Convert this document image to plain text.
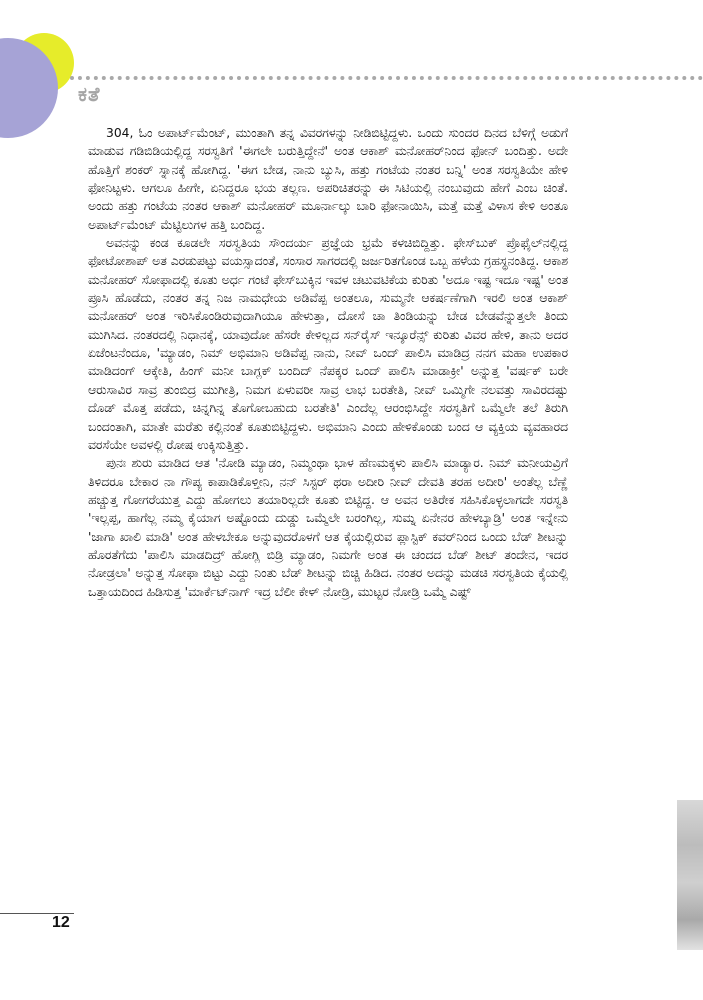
ಕತೆ

304, ಓಂ ಅಪಾರ್ಟ್‌ಮೆಂಟ್, ಮುಂತಾಗಿ ತನ್ನ ವಿವರಗಳನ್ನು ನೀಡಿಬಿಟ್ಟಿದ್ದಳು. ಒಂದು ಸುಂದರ ದಿನದ ಬೆಳಿಗ್ಗೆ ಅಡುಗೆ ಮಾಡುವ ಗಡಿಬಿಡಿಯಲ್ಲಿದ್ದ ಸರಸ್ವತಿಗೆ 'ಈಗಲೇ ಬರುತ್ತಿದ್ದೇನೆ' ಅಂತ ಆಕಾಶ್ ಮನೋಹರ್‌ನಿಂದ ಫೋನ್ ಬಂದಿತ್ತು. ಅದೇ ಹೊತ್ತಿಗೆ ಶಂಕರ್ ಸ್ನಾನಕ್ಕೆ ಹೋಗಿದ್ದ. 'ಈಗ ಬೇಡ, ನಾನು ಬ್ಯುಸಿ, ಹತ್ತು ಗಂಟೆಯ ನಂತರ ಬನ್ನಿ' ಅಂತ ಸರಸ್ವತಿಯೇ ಹೇಳಿ ಫೋನಿಟ್ಟಳು. ಆಗಲೂ ಹೀಗೇ, ಏನಿದ್ದರೂ ಭಯ ತಲ್ಲಣ. ಅಪರಿಚಿತರನ್ನು ಈ ಸಿಟಿಯಲ್ಲಿ ನಂಬುವುದು ಹೇಗೆ ಎಂಬ ಚಿಂತೆ. ಅಂದು ಹತ್ತು ಗಂಟೆಯ ನಂತರ ಆಕಾಶ್ ಮನೋಹರ್ ಮೂರ್ನಾಲ್ಕು ಬಾರಿ ಫೋನಾಯಿಸಿ, ಮತ್ತೆ ಮತ್ತೆ ವಿಳಾಸ ಕೇಳಿ ಅಂತೂ ಅಪಾರ್ಟ್‌ಮೆಂಟ್ ಮೆಟ್ಟಿಲುಗಳ ಹತ್ತಿ ಬಂದಿದ್ದ.

ಅವನನ್ನು ಕಂಡ ಕೂಡಲೇ ಸರಸ್ವತಿಯ ಸೌಂದರ್ಯ ಪ್ರಜ್ಞೆಯ ಭ್ರಮೆ ಕಳಚಿಬಿದ್ದಿತ್ತು. ಫೇಸ್‌ಬುಕ್ ಪ್ರೊಫೈಲ್‌ನಲ್ಲಿದ್ದ ಫೋಟೋಶಾಪ್ ಅತ ಎರಡುಪಟ್ಟು ವಯಸ್ಸಾದಂತೆ, ಸಂಸಾರ ಸಾಗರದಲ್ಲಿ ಜರ್ಜರಿತಗೊಂಡ ಒಬ್ಬ ಹಳೆಯ ಗ್ರಹಸ್ಥನಂತಿದ್ದ. ಆಕಾಶ ಮನೋಹರ್ ಸೋಫಾದಲ್ಲಿ ಕೂತು ಅರ್ಧ ಗಂಟೆ ಫೇಸ್‌ಬುಕ್ಕಿನ ಇವಳ ಚಟುವಟಿಕೆಯ ಕುರಿತು 'ಅದೂ ಇಷ್ಟ ಇದೂ ಇಷ್ಟ' ಅಂತ ಪ್ರೂಸಿ ಹೊಡೆದು, ನಂತರ ತನ್ನ ನಿಜ ನಾಮಧೇಯ ಅಡಿವೆಪ್ಪ ಅಂತಲೂ, ಸುಮ್ಮನೇ ಆಕರ್ಷಣೆಗಾಗಿ ಇರಲಿ ಅಂತ ಆಕಾಶ್ ಮನೋಹರ್ ಅಂತ ಇರಿಸಿಕೊಂಡಿರುವುದಾಗಿಯೂ ಹೇಳುತ್ತಾ, ದೋಸೆ ಚಾ ತಿಂಡಿಯನ್ನು ಬೇಡ ಬೇಡವೆನ್ನುತ್ತಲೇ ತಿಂದು ಮುಗಿಸಿದ. ನಂತರದಲ್ಲಿ ನಿಧಾನಕ್ಕೆ, ಯಾವುದೋ ಹೆಸರೇ ಕೇಳಿಲ್ಲದ ಸನ್‌ರೈಸ್ ಇನ್ಶೂರೆನ್ಸ್ ಕುರಿತು ವಿವರ ಹೇಳಿ, ತಾನು ಅದರ ಏಜೆಂಟನೆಂದೂ, 'ಮ್ಯಾಡಂ, ನಿಮ್ ಅಭಿಮಾನಿ ಅಡಿವೆಪ್ಪ ನಾನು, ನೀವ್ ಒಂದ್ ಪಾಲಿಸಿ ಮಾಡಿದ್ರ ನನಗ ಮಹಾ ಉಪಕಾರ ಮಾಡಿದಂಗ್ ಆಕ್ಕೇತಿ, ಹಿಂಗ್ ಮನೀ ಬಾಗ್ಲಕ್ ಬಂದಿದ್ ನೆಪಕ್ಕರ ಒಂದ್ ಪಾಲಿಸಿ ಮಾಡಾಕ್ರೀ' ಅನ್ನುತ್ತ 'ವರ್ಷಕ್ ಬರೇ ಆರುಸಾವಿರ ಸಾವ್ರ ತುಂಬಿದ್ರ ಮುಗೀತ್ರಿ, ನಿಮಗ ಏಳುವರೀ ಸಾವ್ರ ಲಾಭ ಬರತೇತಿ, ನೀವ್ ಒಮ್ಮಿಗೇ ನಲವತ್ತು ಸಾವಿರದಷ್ಟು ದೊಡ್ ಮೊತ್ತ ಪಡೆದು, ಚಿನ್ನಗಿನ್ನ ತೊಗೋಬಹುದು ಬರತೇತಿ' ಎಂದೆಲ್ಲ ಆರಂಭಿಸಿದ್ದೇ ಸರಸ್ವತಿಗೆ ಒಮ್ಮೆಲೇ ತಲೆ ತಿರುಗಿ ಬಂದಂತಾಗಿ, ಮಾತೇ ಮರೆತು ಕಲ್ಲಿನಂತೆ ಕೂತುಬಿಟ್ಟಿದ್ದಳು. ಅಭಿಮಾನಿ ಎಂದು ಹೇಳಿಕೊಂಡು ಬಂದ ಆ ವ್ಯಕ್ತಿಯ ವ್ಯವಹಾರದ ವರಸೆಯೇ ಅವಳಲ್ಲಿ ರೋಷ ಉಕ್ಕಿಸುತ್ತಿತ್ತು.

ಪುನಃ ಶುರು ಮಾಡಿದ ಆತ 'ನೋಡಿ ಮ್ಯಾಡಂ, ನಿಮ್ಮಂಥಾ ಭಾಳ ಹೆಣಮಕ್ಕಳು ಪಾಲಿಸಿ ಮಾಡ್ಯಾರ. ನಿಮ್ ಮನೀಯವ್ರಿಗೆ ತಿಳಿದರೂ ಬೇಕಾರ ನಾ ಗೌಪ್ಯ ಕಾಪಾಡಿಕೊಳ್ತೀನಿ, ನನ್ ಸಿಸ್ಟರ್ ಥರಾ ಅದೀರಿ ನೀವ್ ದೇವತಿ ತರಹ ಅದೀರಿ' ಅಂತೆಲ್ಲ ಬೆಣ್ಣೆ ಹಚ್ಚುತ್ತ ಗೋಗರೆಯುತ್ತ ಎದ್ದು ಹೋಗಲು ತಯಾರಿಲ್ಲದೇ ಕೂತು ಬಿಟ್ಟಿದ್ದ. ಆ ಅವನ ಅತಿರೇಕ ಸಹಿಸಿಕೊಳ್ಳಲಾಗದೇ ಸರಸ್ವತಿ 'ಇಲ್ಲಪ್ಪ, ಹಾಗೆಲ್ಲ ನಮ್ಮ ಕೈಯಾಗ ಅಷ್ಟೊಂದು ದುಡ್ಡು ಒಮ್ಮೆಲೇ ಬರಂಗಿಲ್ಲ, ಸುಮ್ನ ಏನೇನರ ಹೇಳಬ್ಯಾಡ್ರಿ' ಅಂತ ಇನ್ನೇನು 'ಜಾಗಾ ಖಾಲಿ ಮಾಡಿ' ಅಂತ ಹೇಳಬೇಕೂ ಅನ್ನುವುದರೊಳಗೆ ಆತ ಕೈಯಲ್ಲಿರುವ ಪ್ಲಾಸ್ಟಿಕ್ ಕವರ್‌ನಿಂದ ಒಂದು ಬೆಡ್ ಶೀಟನ್ನು ಹೊರತೆಗೆದು 'ಪಾಲಿಸಿ ಮಾಡದಿದ್ರ್ ಹೋಗ್ಲಿ ಬಿಡ್ರಿ ಮ್ಯಾಡಂ, ನಿಮಗೇ ಅಂತ ಈ ಚಂದದ ಬೆಡ್ ಶೀಟ್ ತಂದೇನ, ಇದರ ನೋಡ್ರಲಾ' ಅನ್ನುತ್ತ ಸೋಫಾ ಬಿಟ್ಟು ಎದ್ದು ನಿಂತು ಬೆಡ್ ಶೀಟನ್ನು ಬಿಚ್ಚಿ ಹಿಡಿದ. ನಂತರ ಅದನ್ನು ಮಡಚಿ ಸರಸ್ವತಿಯ ಕೈಯಲ್ಲಿ ಒತ್ತಾಯದಿಂದ ಹಿಡಿಸುತ್ತ 'ಮಾರ್ಕೆಟ್‌ನಾಗ್ ಇದ್ರ ಬೆಲೀ ಕೇಳ್ ನೋಡ್ರಿ, ಮುಟ್ಟರ ನೋಡ್ರಿ ಒಮ್ಮೆ ಎಷ್ಟ್

12
